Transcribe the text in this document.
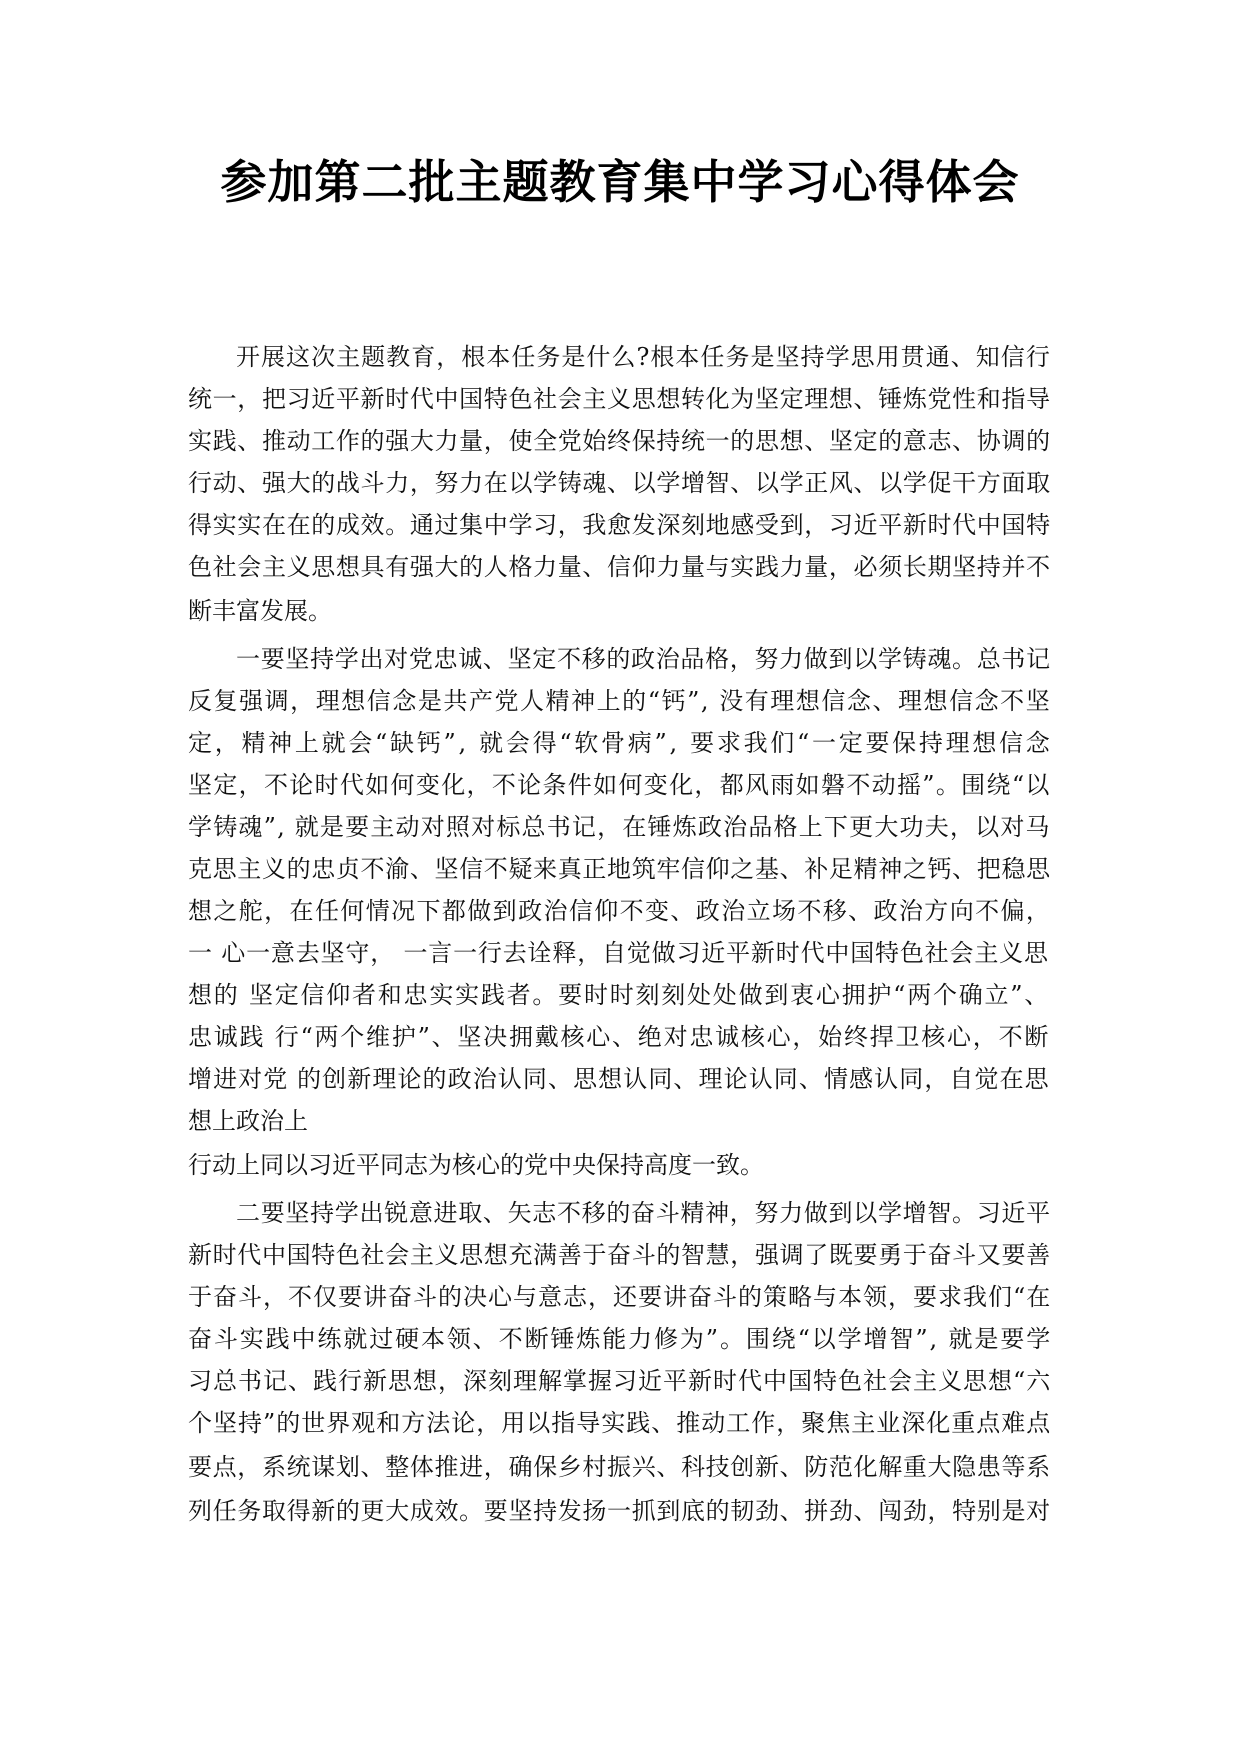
参加第二批主题教育集中学习心得体会

开展这次主题教育，根本任务是什么?根本任务是坚持学思用贯通、知信行

统一，把习近平新时代中国特色社会主义思想转化为坚定理想、锤炼党性和指导

实践、推动工作的强大力量，使全党始终保持统一的思想、坚定的意志、协调的

行动、强大的战斗力，努力在以学铸魂、以学增智、以学正风、以学促干方面取

得实实在在的成效。通过集中学习，我愈发深刻地感受到，习近平新时代中国特

色社会主义思想具有强大的人格力量、信仰力量与实践力量，必须长期坚持并不

断丰富发展。

一要坚持学出对党忠诚、坚定不移的政治品格，努力做到以学铸魂。总书记

反复强调，理想信念是共产党人精神上的“钙”, 没有理想信念、理想信念不坚

定，精神上就会“缺钙”, 就会得“软骨病”, 要求我们“一定要保持理想信念

坚定，不论时代如何变化，不论条件如何变化，都风雨如磐不动摇”。围绕“以

学铸魂”, 就是要主动对照对标总书记，在锤炼政治品格上下更大功夫，以对马

克思主义的忠贞不渝、坚信不疑来真正地筑牢信仰之基、补足精神之钙、把稳思

想之舵，在任何情况下都做到政治信仰不变、政治立场不移、政治方向不偏，

一 心一意去坚守， 一言一行去诠释，自觉做习近平新时代中国特色社会主义思

想的 坚定信仰者和忠实实践者。要时时刻刻处处做到衷心拥护“两个确立”、

忠诚践 行“两个维护”、坚决拥戴核心、绝对忠诚核心，始终捍卫核心，不断

增进对党 的创新理论的政治认同、思想认同、理论认同、情感认同，自觉在思

想上政治上

行动上同以习近平同志为核心的党中央保持高度一致。

二要坚持学出锐意进取、矢志不移的奋斗精神，努力做到以学增智。习近平

新时代中国特色社会主义思想充满善于奋斗的智慧，强调了既要勇于奋斗又要善

于奋斗，不仅要讲奋斗的决心与意志，还要讲奋斗的策略与本领，要求我们“在

奋斗实践中练就过硬本领、不断锤炼能力修为”。围绕“以学增智”, 就是要学

习总书记、践行新思想，深刻理解掌握习近平新时代中国特色社会主义思想“六

个坚持”的世界观和方法论，用以指导实践、推动工作，聚焦主业深化重点难点

要点，系统谋划、整体推进，确保乡村振兴、科技创新、防范化解重大隐患等系

列任务取得新的更大成效。要坚持发扬一抓到底的韧劲、拼劲、闯劲，特别是对
